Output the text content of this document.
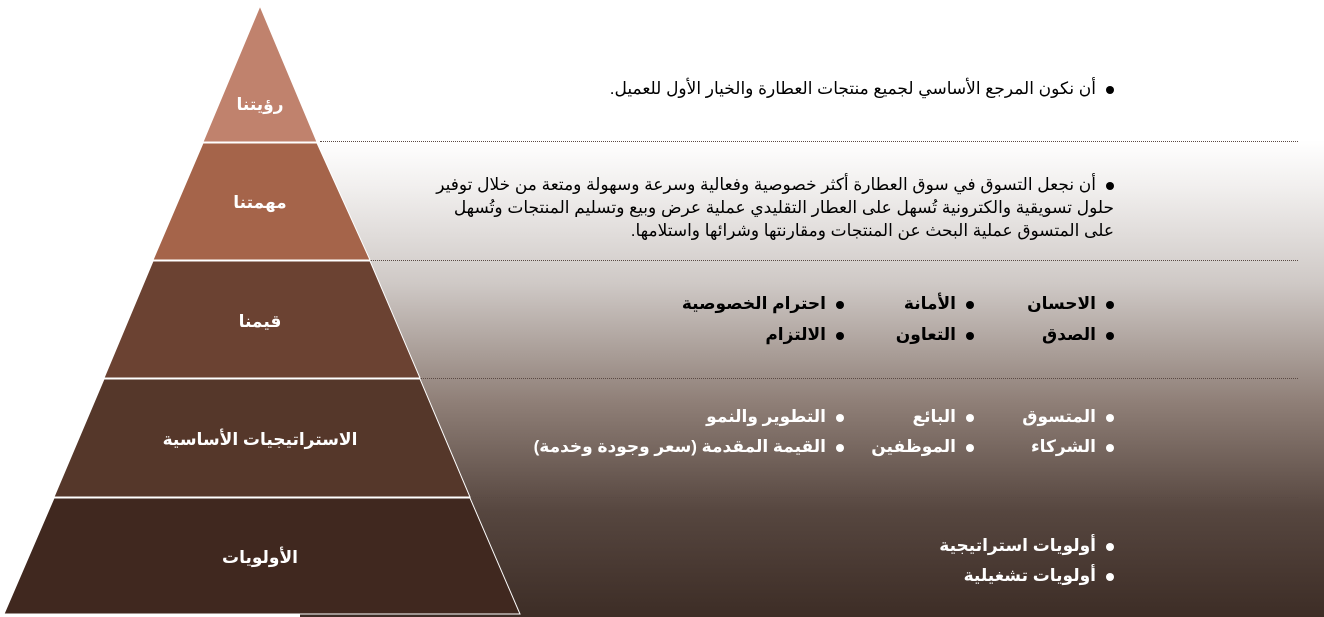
رؤيتنا
مهمتنا
قيمنا
الاستراتيجيات الأساسية
الأولويات
أن نكون المرجع الأساسي لجميع منتجات العطارة والخيار الأول للعميل.
أن نجعل التسوق في سوق العطارة أكثر خصوصية وفعالية وسرعة وسهولة ومتعة من خلال توفير
حلول تسويقية والكترونية تُسهل على العطار التقليدي عملية عرض وبيع وتسليم المنتجات وتُسهل
على المتسوق عملية البحث عن المنتجات ومقارنتها وشرائها واستلامها.
الاحسان
الأمانة
احترام الخصوصية
الصدق
التعاون
الالتزام
المتسوق
البائع
التطوير والنمو
الشركاء
الموظفين
القيمة المقدمة (سعر وجودة وخدمة)
أولويات استراتيجية
أولويات تشغيلية
